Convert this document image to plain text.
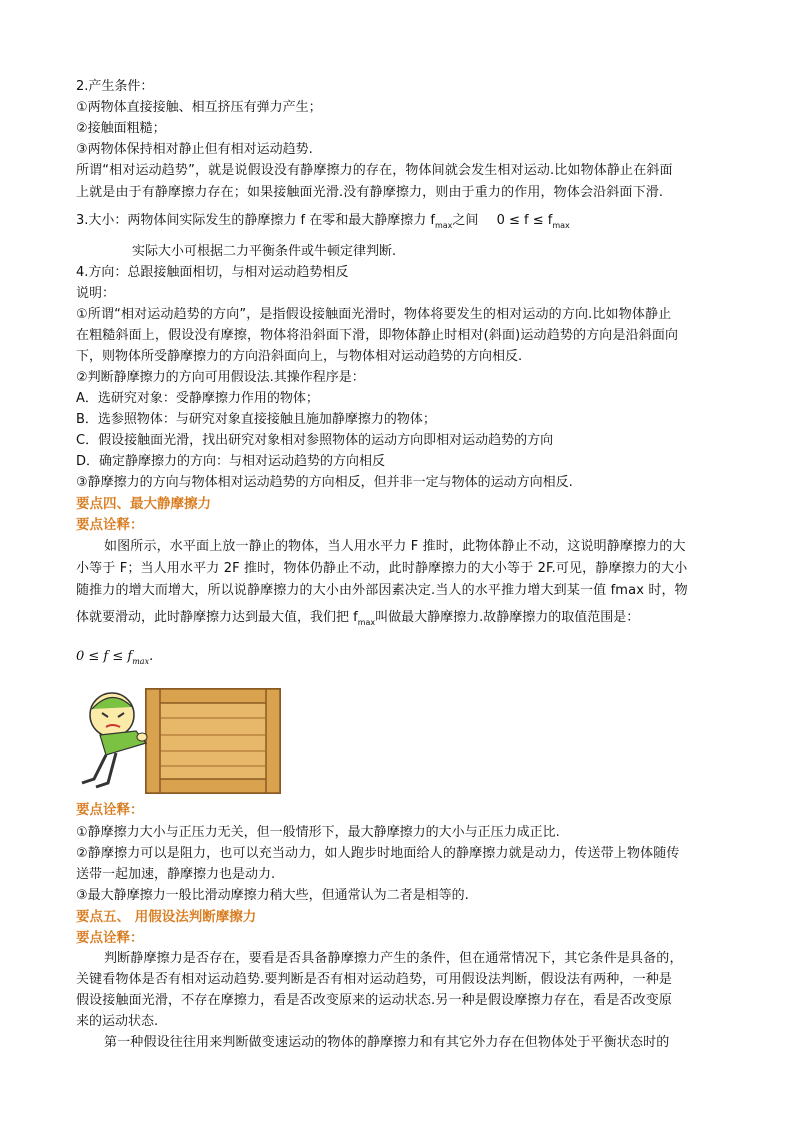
2.产生条件：
①两物体直接接触、相互挤压有弹力产生；
②接触面粗糙；
③两物体保持相对静止但有相对运动趋势.
所谓“相对运动趋势”，就是说假设没有静摩擦力的存在，物体间就会发生相对运动.比如物体静止在斜面
上就是由于有静摩擦力存在；如果接触面光滑.没有静摩擦力，则由于重力的作用，物体会沿斜面下滑.
3.大小：两物体间实际发生的静摩擦力 f 在零和最大静摩擦力 $f_{max}$之间 $0 \le f \le f_{max}$
实际大小可根据二力平衡条件或牛顿定律判断.
4.方向：总跟接触面相切，与相对运动趋势相反
说明：
①所谓“相对运动趋势的方向”，是指假设接触面光滑时，物体将要发生的相对运动的方向.比如物体静止
在粗糙斜面上，假设没有摩擦，物体将沿斜面下滑，即物体静止时相对(斜面)运动趋势的方向是沿斜面向
下，则物体所受静摩擦力的方向沿斜面向上，与物体相对运动趋势的方向相反.
②判断静摩擦力的方向可用假设法.其操作程序是：
A．选研究对象：受静摩擦力作用的物体；
B．选参照物体：与研究对象直接接触且施加静摩擦力的物体；
C．假设接触面光滑，找出研究对象相对参照物体的运动方向即相对运动趋势的方向
D．确定静摩擦力的方向：与相对运动趋势的方向相反
③静摩擦力的方向与物体相对运动趋势的方向相反，但并非一定与物体的运动方向相反.
要点四、最大静摩擦力
要点诠释：
如图所示，水平面上放一静止的物体，当人用水平力 F 推时，此物体静止不动，这说明静摩擦力的大
小等于 F；当人用水平力 2F 推时，物体仍静止不动，此时静摩擦力的大小等于 2F.可见，静摩擦力的大小
随推力的增大而增大，所以说静摩擦力的大小由外部因素决定.当人的水平推力增大到某一值 fmax 时，物
体就要滑动，此时静摩擦力达到最大值，我们把 $f_{max}$叫做最大静摩擦力.故静摩擦力的取值范围是：
$0 \le f \le f_{max}$.
要点诠释：
①静摩擦力大小与正压力无关，但一般情形下，最大静摩擦力的大小与正压力成正比.
②静摩擦力可以是阻力，也可以充当动力，如人跑步时地面给人的静摩擦力就是动力，传送带上物体随传
送带一起加速，静摩擦力也是动力.
③最大静摩擦力一般比滑动摩擦力稍大些，但通常认为二者是相等的.
要点五、 用假设法判断摩擦力
要点诠释：
判断静摩擦力是否存在，要看是否具备静摩擦力产生的条件，但在通常情况下，其它条件是具备的，
关键看物体是否有相对运动趋势.要判断是否有相对运动趋势，可用假设法判断，假设法有两种，一种是
假设接触面光滑，不存在摩擦力，看是否改变原来的运动状态.另一种是假设摩擦力存在，看是否改变原
来的运动状态.
第一种假设往往用来判断做变速运动的物体的静摩擦力和有其它外力存在但物体处于平衡状态时的
